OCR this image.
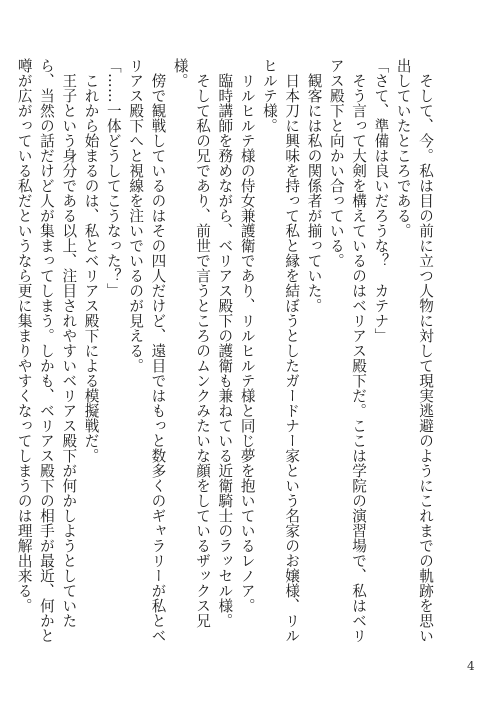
　そして、今。私は目の前に立つ人物に対して現実逃避のようにこれまでの軌跡を思い出していたところである。

「さて、準備は良いだろうな？　カテナ」

　そう言って大剣を構えているのはベリアス殿下だ。ここは学院の演習場で、私はベリアス殿下と向かい合っている。

　観客には私の関係者が揃っていた。

　日本刀に興味を持って私と縁を結ぼうとしたガードナー家という名家のお嬢様、リルヒルテ様。

　リルヒルテ様の侍女兼護衛であり、リルヒルテ様と同じ夢を抱いているレノア。

　臨時講師を務めながら、ベリアス殿下の護衛も兼ねている近衛騎士のラッセル様。

　そして私の兄であり、前世で言うところのムンクみたいな顔をしているザックス兄様。

　傍で観戦しているのはその四人だけど、遠目ではもっと数多くのギャラリーが私とベリアス殿下へと視線を注いでいるのが見える。

「……一体どうしてこうなった？」

　これから始まるのは、私とベリアス殿下による模擬戦だ。

　王子という身分である以上、注目されやすいベリアス殿下が何かしようとしていたら、当然の話だけど人が集まってしまう。しかも、ベリアス殿下の相手が最近、何かと噂が広がっている私だというなら更に集まりやすくなってしまうのは理解出来る。

4
